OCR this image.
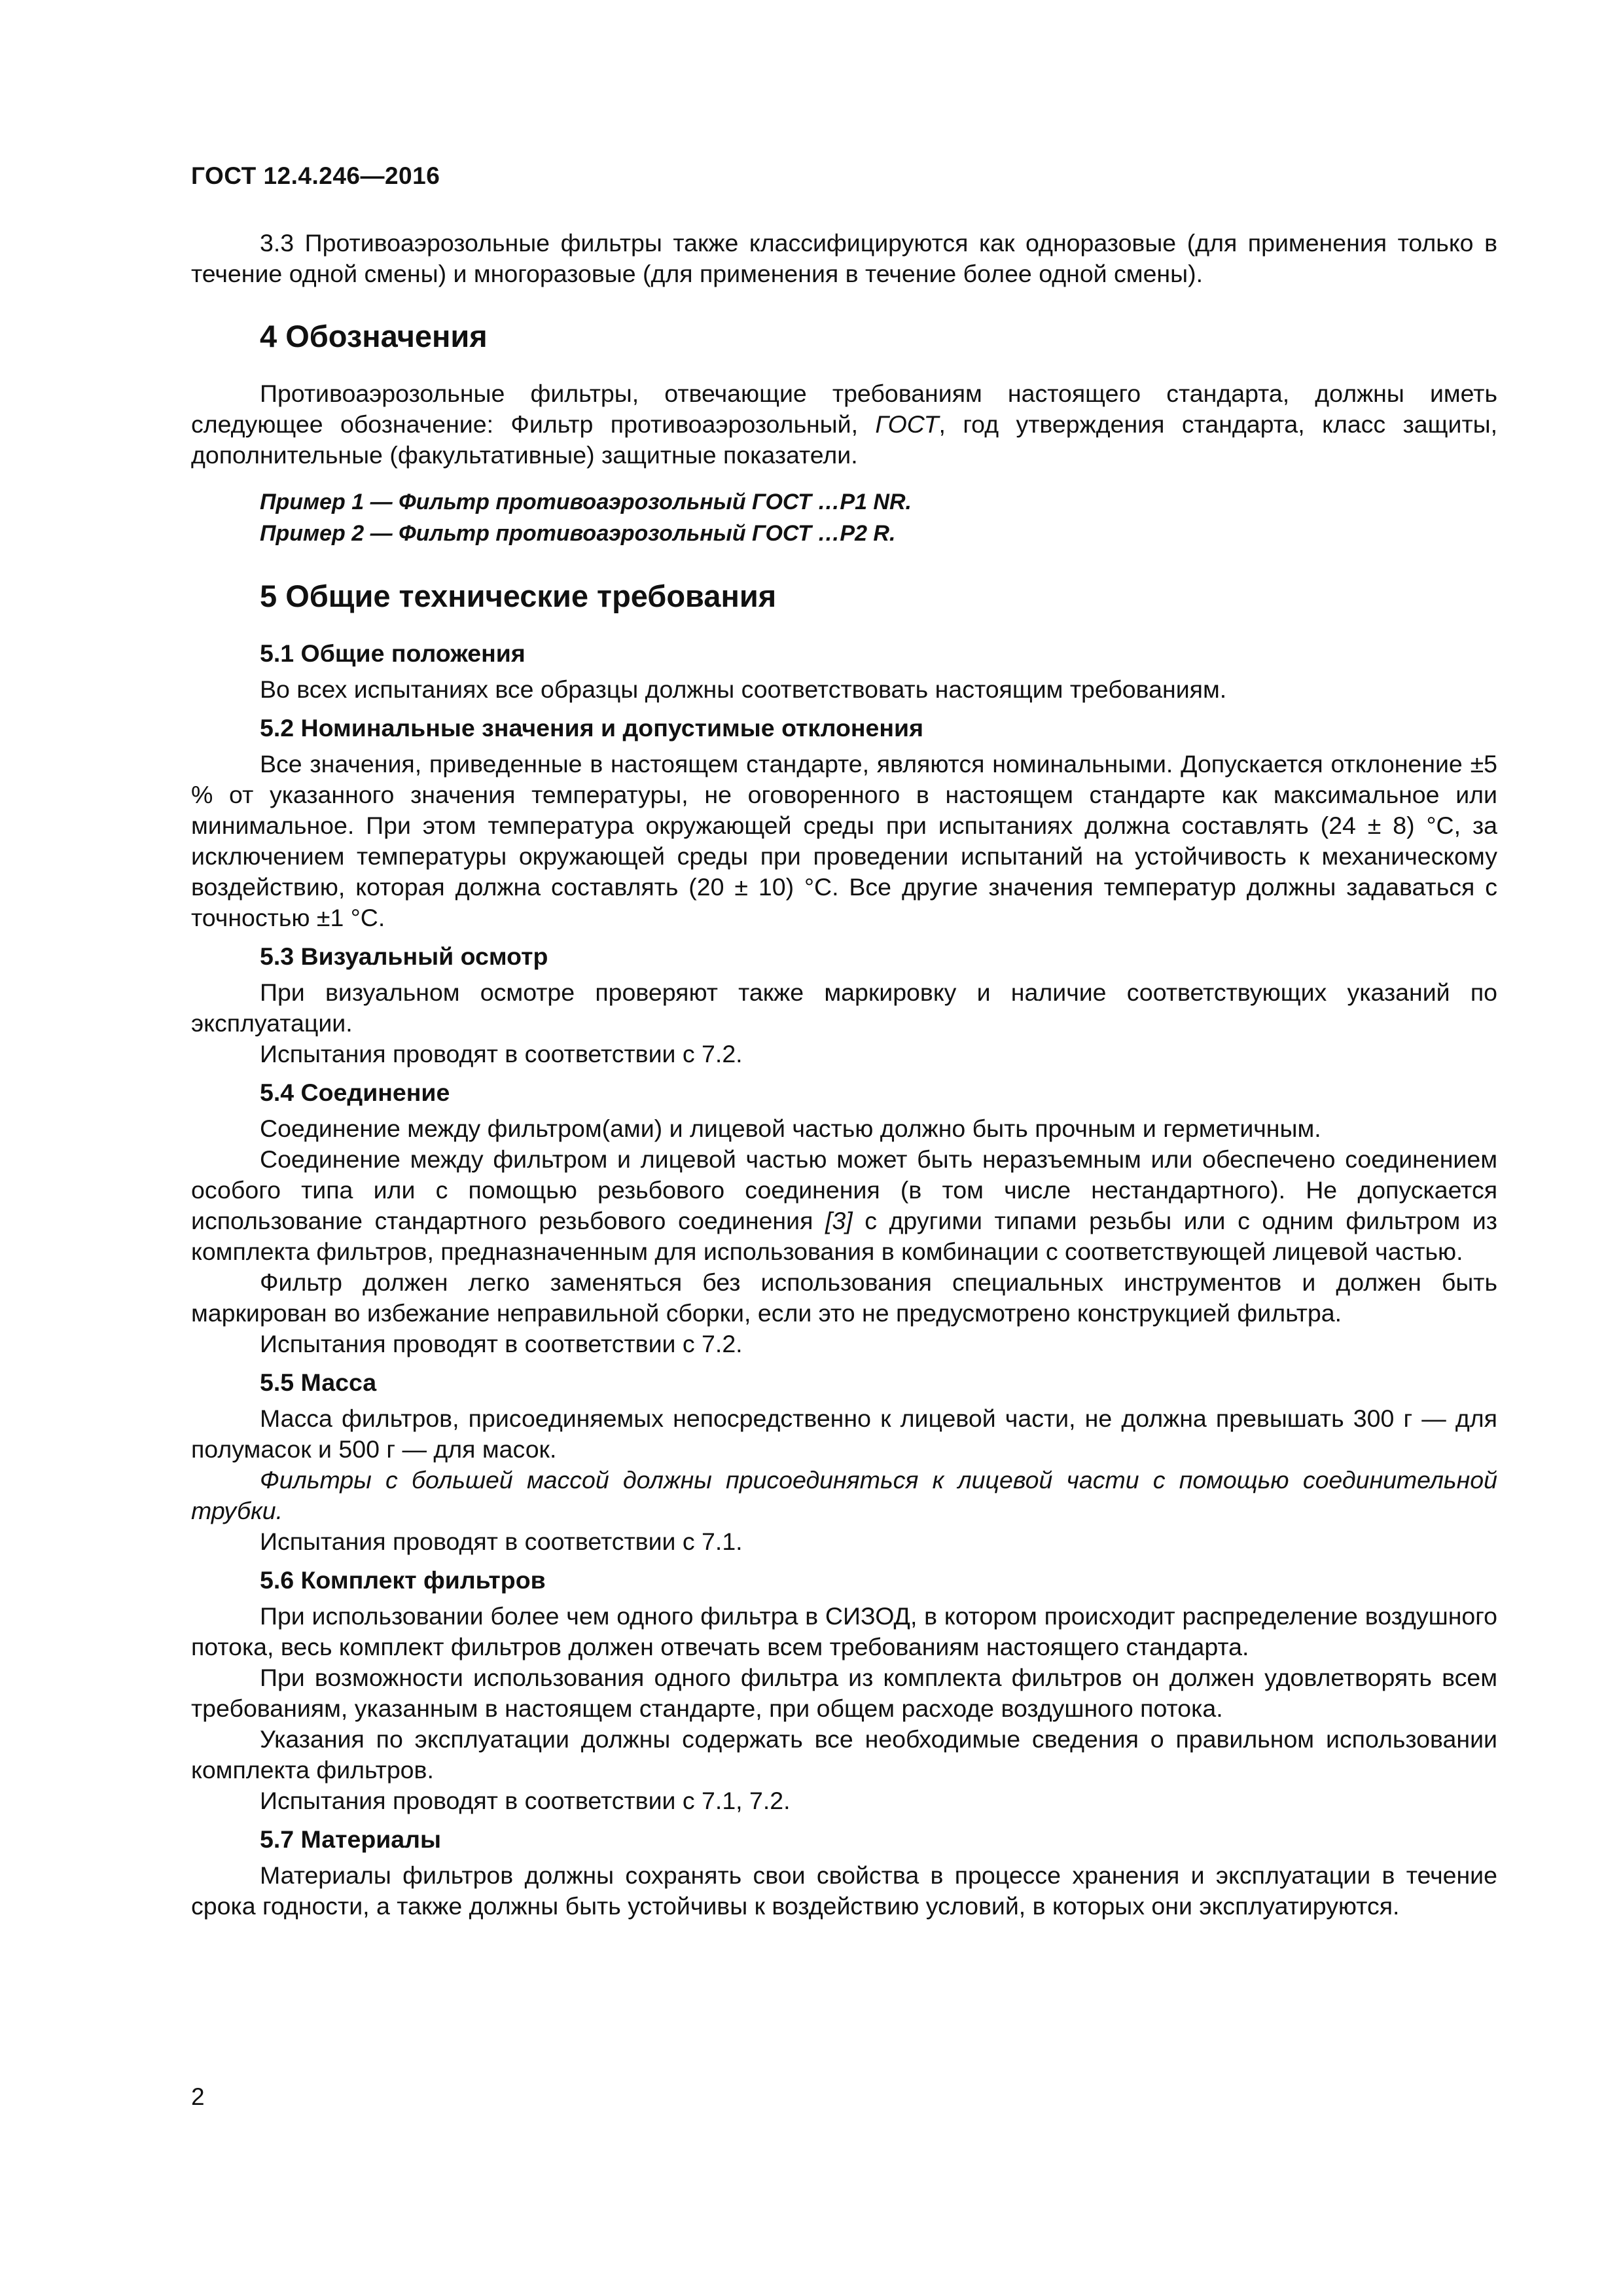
ГОСТ 12.4.246—2016

3.3 Противоаэрозольные фильтры также классифицируются как одноразовые (для применения только в течение одной смены) и многоразовые (для применения в течение более одной смены).

4 Обозначения

Противоаэрозольные фильтры, отвечающие требованиям настоящего стандарта, должны иметь следующее обозначение: Фильтр противоаэрозольный, ГОСТ, год утверждения стандарта, класс защиты, дополнительные (факультативные) защитные показатели.

Пример 1 — Фильтр противоаэрозольный ГОСТ …Р1 NR.

Пример 2 — Фильтр противоаэрозольный ГОСТ …Р2 R.

5 Общие технические требования
5.1 Общие положения

Во всех испытаниях все образцы должны соответствовать настоящим требованиям.

5.2 Номинальные значения и допустимые отклонения

Все значения, приведенные в настоящем стандарте, являются номинальными. Допускается отклонение ±5 % от указанного значения температуры, не оговоренного в настоящем стандарте как максимальное или минимальное. При этом температура окружающей среды при испытаниях должна составлять (24 ± 8) °С, за исключением температуры окружающей среды при проведении испытаний на устойчивость к механическому воздействию, которая должна составлять (20 ± 10) °С. Все другие значения температур должны задаваться с точностью ±1 °С.

5.3 Визуальный осмотр

При визуальном осмотре проверяют также маркировку и наличие соответствующих указаний по эксплуатации.

Испытания проводят в соответствии с 7.2.

5.4 Соединение

Соединение между фильтром(ами) и лицевой частью должно быть прочным и герметичным.

Соединение между фильтром и лицевой частью может быть неразъемным или обеспечено соединением особого типа или с помощью резьбового соединения (в том числе нестандартного). Не допускается использование стандартного резьбового соединения [3] с другими типами резьбы или с одним фильтром из комплекта фильтров, предназначенным для использования в комбинации с соответствующей лицевой частью.

Фильтр должен легко заменяться без использования специальных инструментов и должен быть маркирован во избежание неправильной сборки, если это не предусмотрено конструкцией фильтра.

Испытания проводят в соответствии с 7.2.

5.5 Масса

Масса фильтров, присоединяемых непосредственно к лицевой части, не должна превышать 300 г — для полумасок и 500 г — для масок.

Фильтры с большей массой должны присоединяться к лицевой части с помощью соединительной трубки.

Испытания проводят в соответствии с 7.1.

5.6 Комплект фильтров

При использовании более чем одного фильтра в СИЗОД, в котором происходит распределение воздушного потока, весь комплект фильтров должен отвечать всем требованиям настоящего стандарта.

При возможности использования одного фильтра из комплекта фильтров он должен удовлетворять всем требованиям, указанным в настоящем стандарте, при общем расходе воздушного потока.

Указания по эксплуатации должны содержать все необходимые сведения о правильном использовании комплекта фильтров.

Испытания проводят в соответствии с 7.1, 7.2.

5.7 Материалы

Материалы фильтров должны сохранять свои свойства в процессе хранения и эксплуатации в течение срока годности, а также должны быть устойчивы к воздействию условий, в которых они эксплуатируются.

2
